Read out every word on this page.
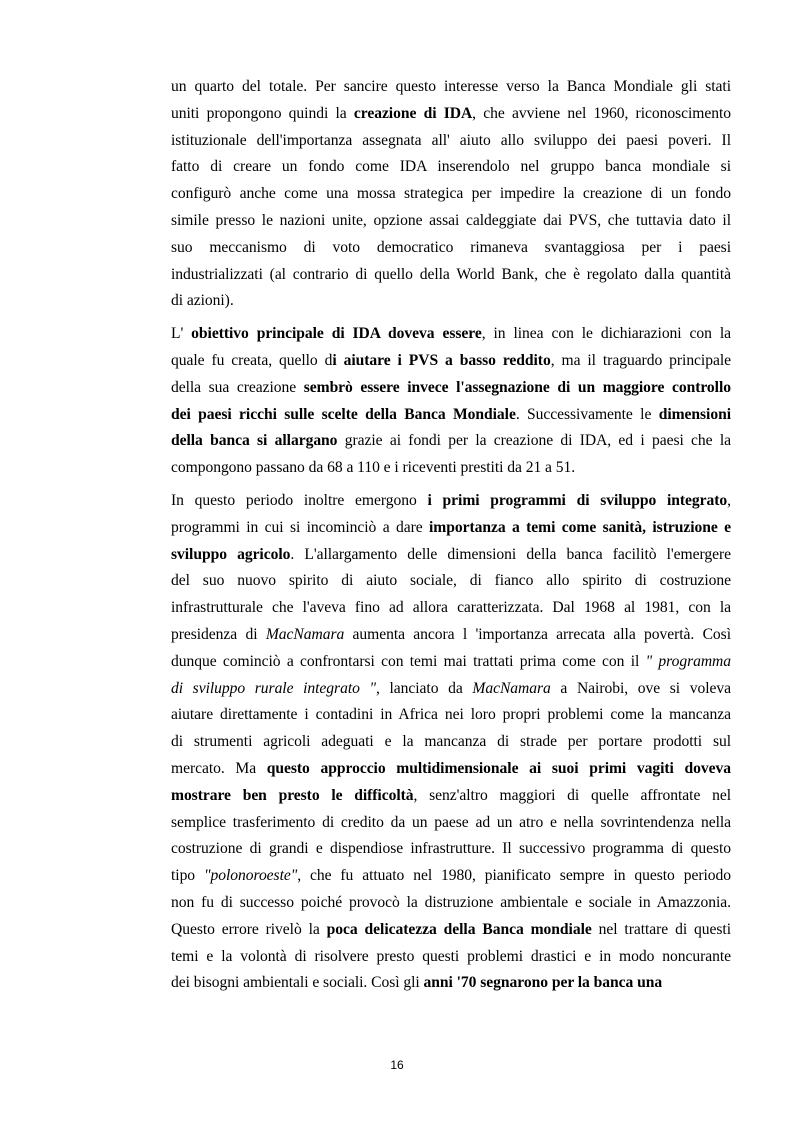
un quarto del totale. Per sancire questo interesse verso la Banca Mondiale gli stati
uniti propongono quindi la creazione di IDA, che avviene nel 1960, riconoscimento
istituzionale dell'importanza assegnata all' aiuto allo sviluppo dei paesi poveri. Il
fatto di creare un fondo come IDA inserendolo nel gruppo banca mondiale si
configurò anche come una mossa strategica per impedire la creazione di un fondo
simile presso le nazioni unite, opzione assai caldeggiate dai PVS, che tuttavia dato il
suo meccanismo di voto democratico rimaneva svantaggiosa per i paesi
industrializzati (al contrario di quello della World Bank, che è regolato dalla quantità
di azioni).
L' obiettivo principale di IDA doveva essere, in linea con le dichiarazioni con la
quale fu creata, quello di aiutare i PVS a basso reddito, ma il traguardo principale
della sua creazione sembrò essere invece l'assegnazione di un maggiore controllo
dei paesi ricchi sulle scelte della Banca Mondiale. Successivamente le dimensioni
della banca si allargano grazie ai fondi per la creazione di IDA, ed i paesi che la
compongono passano da 68 a 110 e i riceventi prestiti da 21 a 51.
In questo periodo inoltre emergono i primi programmi di sviluppo integrato,
programmi in cui si incominciò a dare importanza a temi come sanità, istruzione e
sviluppo agricolo. L'allargamento delle dimensioni della banca facilitò l'emergere
del suo nuovo spirito di aiuto sociale, di fianco allo spirito di costruzione
infrastrutturale che l'aveva fino ad allora caratterizzata. Dal 1968 al 1981, con la
presidenza di MacNamara aumenta ancora l 'importanza arrecata alla povertà. Così
dunque cominciò a confrontarsi con temi mai trattati prima come con il " programma
di sviluppo rurale integrato ", lanciato da MacNamara a Nairobi, ove si voleva
aiutare direttamente i contadini in Africa nei loro propri problemi come la mancanza
di strumenti agricoli adeguati e la mancanza di strade per portare prodotti sul
mercato. Ma questo approccio multidimensionale ai suoi primi vagiti doveva
mostrare ben presto le difficoltà, senz'altro maggiori di quelle affrontate nel
semplice trasferimento di credito da un paese ad un atro e nella sovrintendenza nella
costruzione di grandi e dispendiose infrastrutture. Il successivo programma di questo
tipo "polonoroeste", che fu attuato nel 1980, pianificato sempre in questo periodo
non fu di successo poiché provocò la distruzione ambientale e sociale in Amazzonia.
Questo errore rivelò la poca delicatezza della Banca mondiale nel trattare di questi
temi e la volontà di risolvere presto questi problemi drastici e in modo noncurante
dei bisogni ambientali e sociali. Così gli anni '70 segnarono per la banca una
16
